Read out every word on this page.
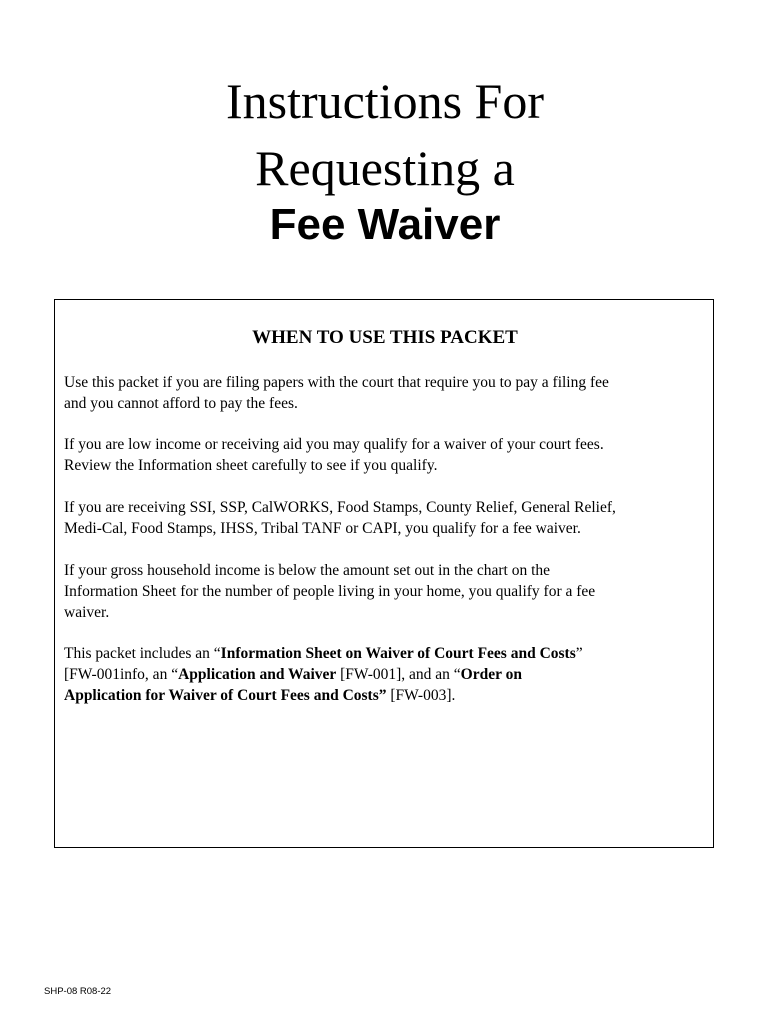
Instructions For
Requesting a
Fee Waiver
WHEN TO USE THIS PACKET

Use this packet if you are filing papers with the court that require you to pay a filing fee
and you cannot afford to pay the fees.

If you are low income or receiving aid you may qualify for a waiver of your court fees.
Review the Information sheet carefully to see if you qualify.

If you are receiving SSI, SSP, CalWORKS, Food Stamps, County Relief, General Relief,
Medi-Cal, Food Stamps, IHSS, Tribal TANF or CAPI, you qualify for a fee waiver.

If your gross household income is below the amount set out in the chart on the
Information Sheet for the number of people living in your home, you qualify for a fee
waiver.

This packet includes an “Information Sheet on Waiver of Court Fees and Costs”
[FW-001info, an “Application and Waiver [FW-001], and an “Order on
Application for Waiver of Court Fees and Costs” [FW-003].

SHP-08 R08-22
